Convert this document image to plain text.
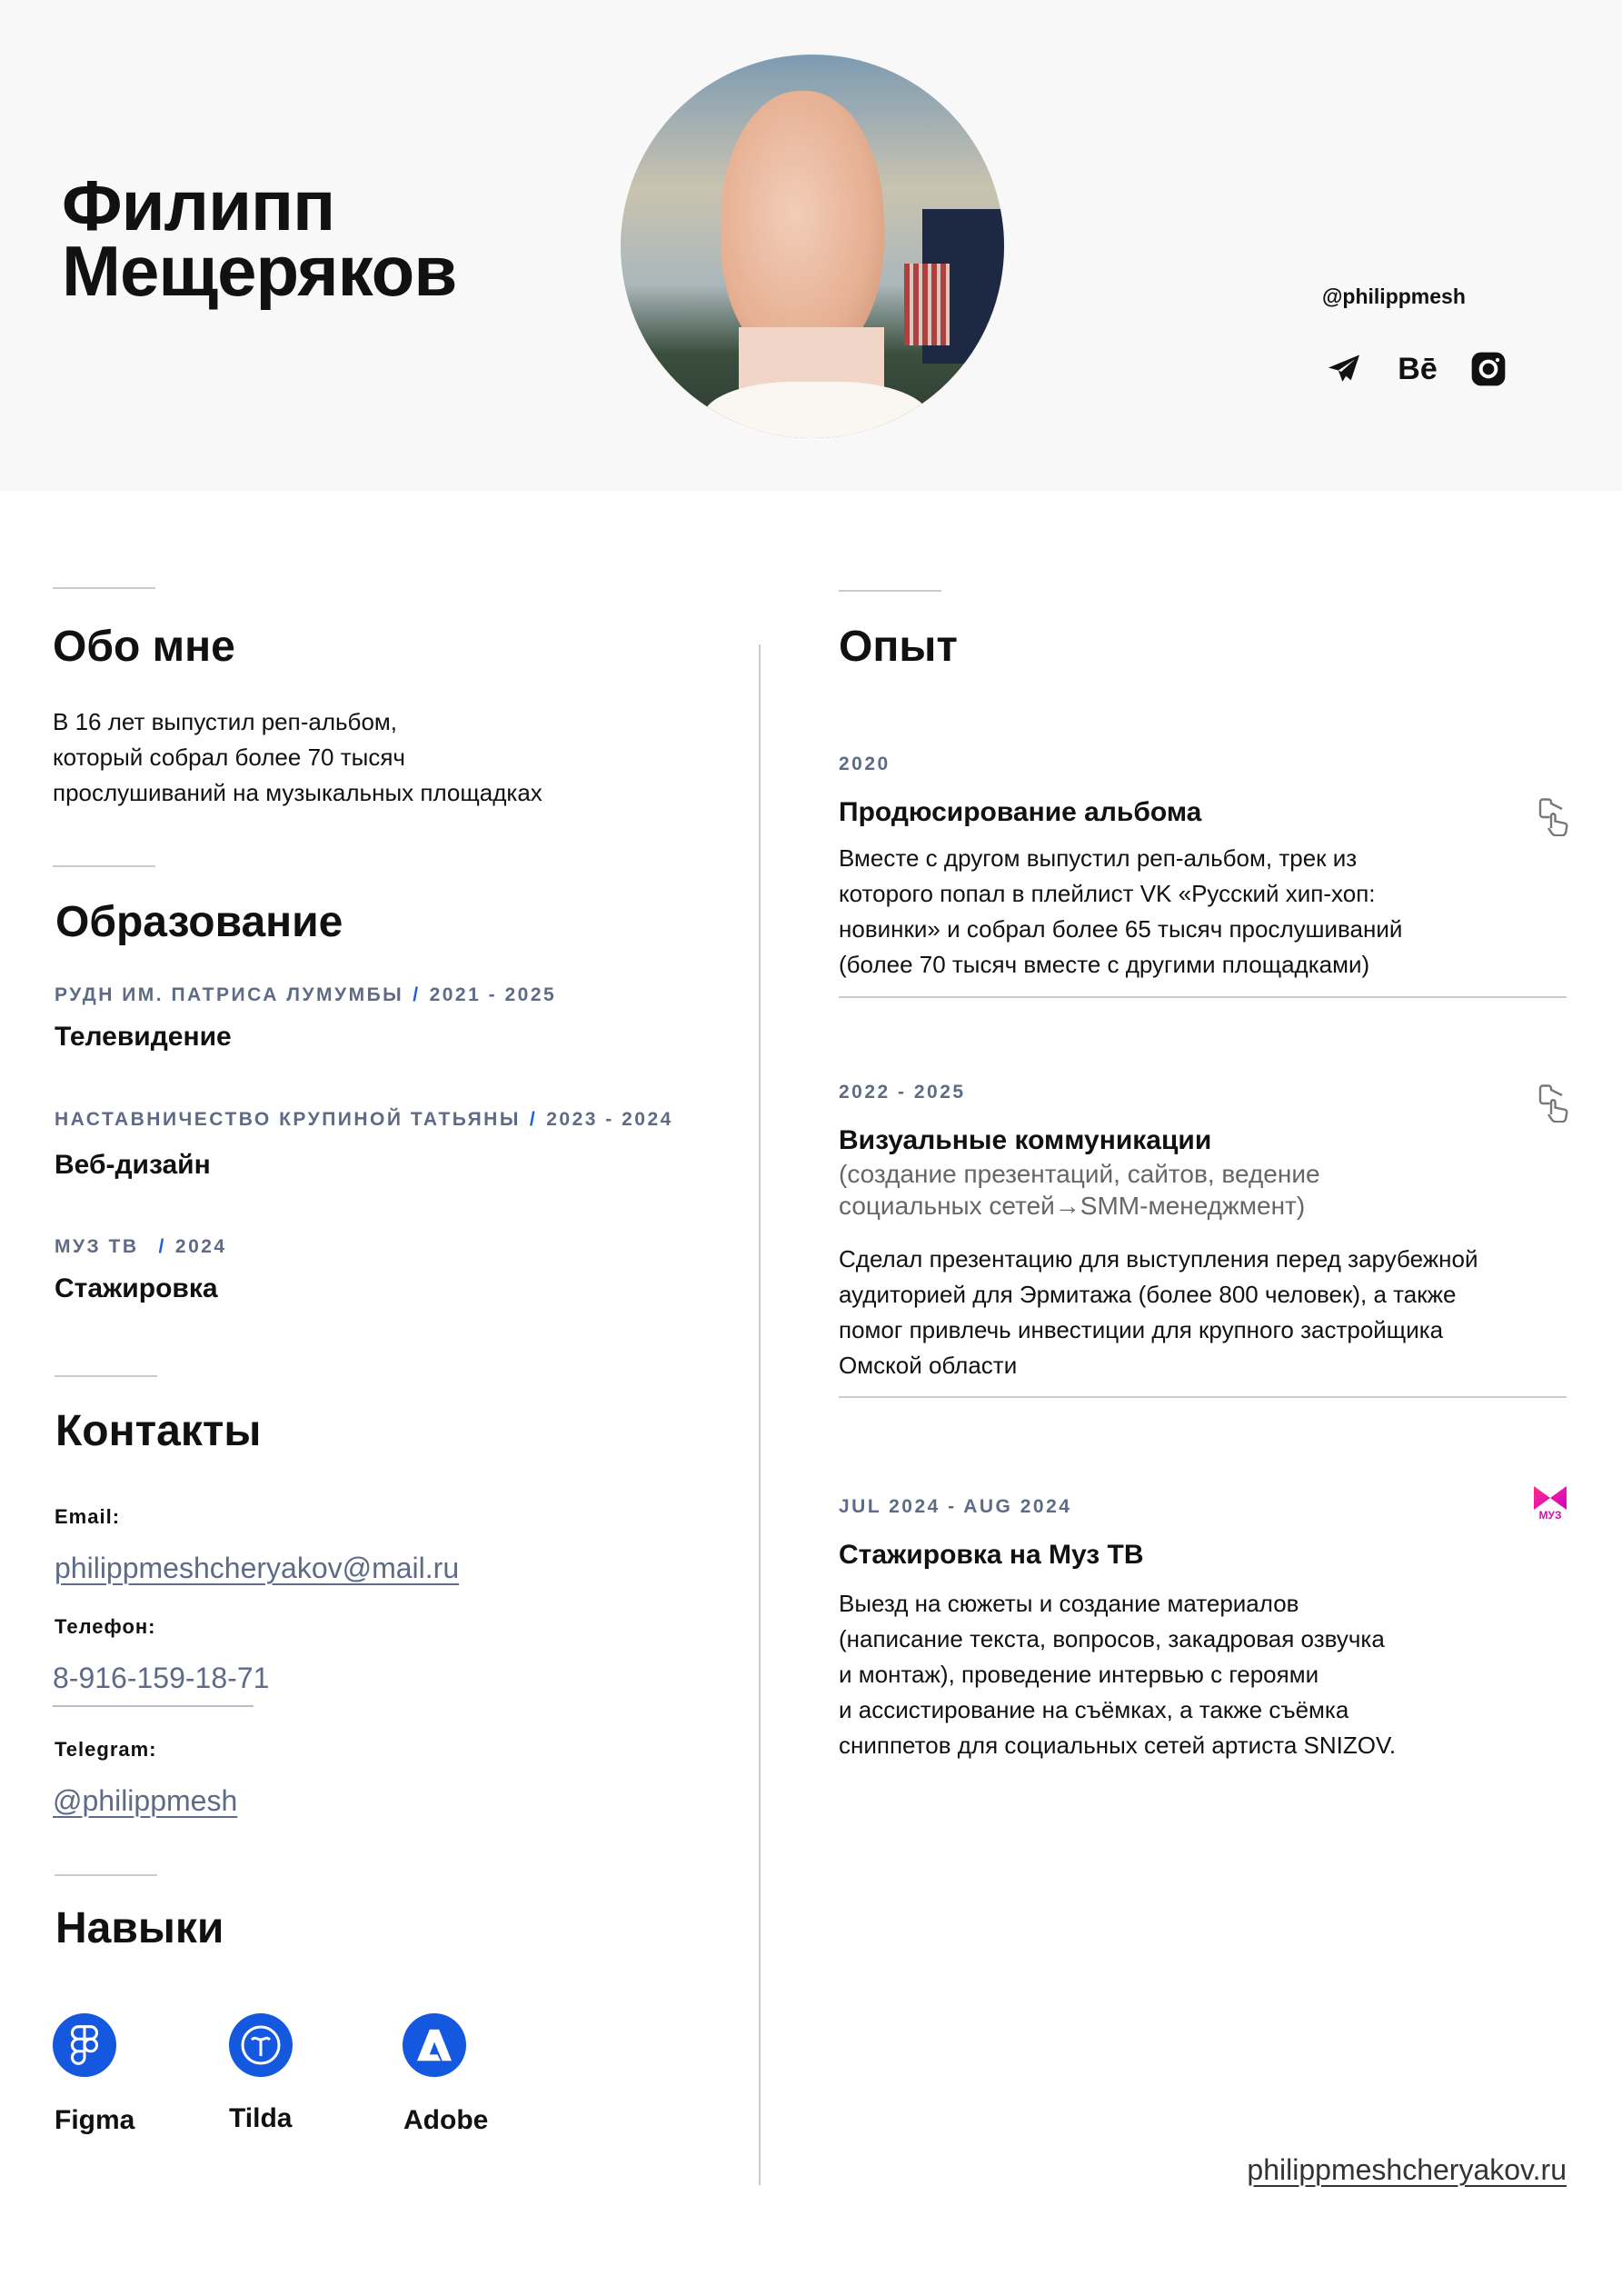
Филипп
Мещеряков	@philippmesh
Bē
Обо мне
В 16 лет выпустил реп-альбом,
который собрал более 70 тысяч
прослушиваний на музыкальных площадках
Образование
РУДН ИМ. ПАТРИСА ЛУМУМБЫ / 2021 - 2025
Телевидение
НАСТАВНИЧЕСТВО КРУПИНОЙ ТАТЬЯНЫ / 2023 - 2024
Веб-дизайн
МУЗ ТВ / 2024
Стажировка
Контакты
Email:
philippmeshcheryakov@mail.ru
Телефон:
8-916-159-18-71
Telegram:
@philippmesh
Навыки
Figma	Tilda	Adobe
Опыт
2020
Продюсирование альбома
Вместе с другом выпустил реп-альбом, трек из
которого попал в плейлист VK «Русский хип-хоп:
новинки» и собрал более 65 тысяч прослушиваний
(более 70 тысяч вместе с другими площадками)
2022 - 2025
Визуальные коммуникации
(создание презентаций, сайтов, ведение
социальных сетей→SMM-менеджмент)
Сделал презентацию для выступления перед зарубежной
аудиторией для Эрмитажа (более 800 человек), а также
помог привлечь инвестиции для крупного застройщика
Омской области
JUL 2024 - AUG 2024	МУЗ
Стажировка на Муз ТВ
Выезд на сюжеты и создание материалов
(написание текста, вопросов, закадровая озвучка
и монтаж), проведение интервью с героями
и ассистирование на съёмках, а также съёмка
сниппетов для социальных сетей артиста SNIZOV.
philippmeshcheryakov.ru
